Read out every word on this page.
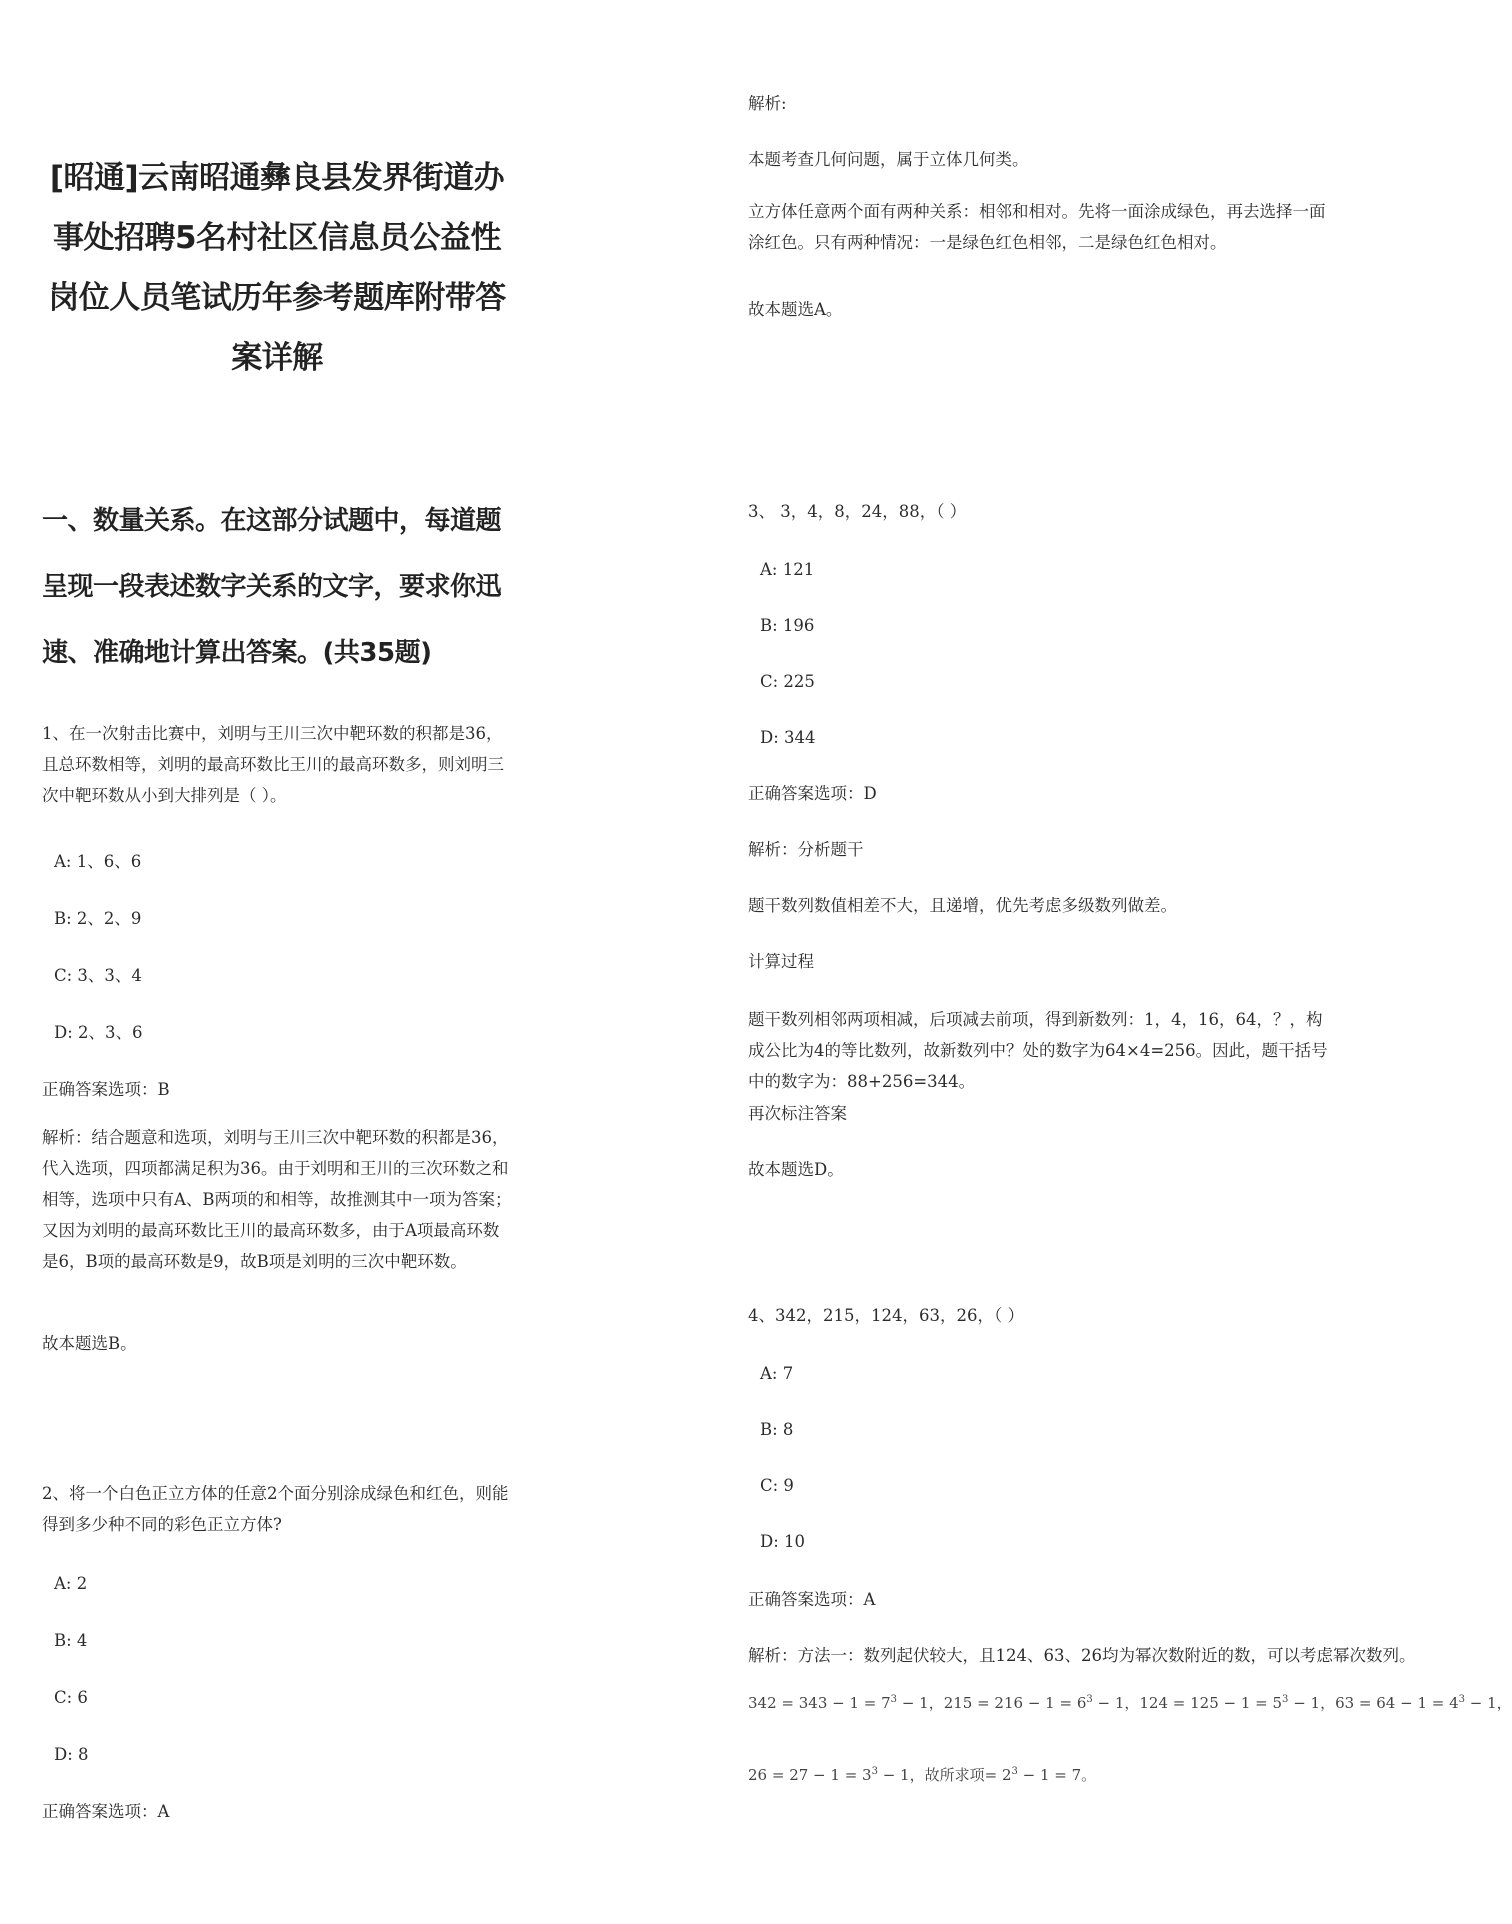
[昭通]云南昭通彝良县发界街道办事处招聘5名村社区信息员公益性岗位人员笔试历年参考题库附带答案详解
一、数量关系。在这部分试题中，每道题呈现一段表述数字关系的文字，要求你迅速、准确地计算出答案。(共35题)
1、在一次射击比赛中，刘明与王川三次中靶环数的积都是36，且总环数相等，刘明的最高环数比王川的最高环数多，则刘明三次中靶环数从小到大排列是（ ）。
A: 1、6、6
B: 2、2、9
C: 3、3、4
D: 2、3、6
正确答案选项：B
解析：结合题意和选项，刘明与王川三次中靶环数的积都是36，代入选项，四项都满足积为36。由于刘明和王川的三次环数之和相等，选项中只有A、B两项的和相等，故推测其中一项为答案；又因为刘明的最高环数比王川的最高环数多，由于A项最高环数是6，B项的最高环数是9，故B项是刘明的三次中靶环数。
故本题选B。
2、将一个白色正立方体的任意2个面分别涂成绿色和红色，则能得到多少种不同的彩色正立方体?
A: 2
B: 4
C: 6
D: 8
正确答案选项：A
解析:
本题考查几何问题，属于立体几何类。
立方体任意两个面有两种关系：相邻和相对。先将一面涂成绿色，再去选择一面涂红色。只有两种情况：一是绿色红色相邻，二是绿色红色相对。
故本题选A。
3、 3，4，8，24，88，（ ）
A: 121
B: 196
C: 225
D: 344
正确答案选项：D
解析：分析题干
题干数列数值相差不大，且递增，优先考虑多级数列做差。
计算过程
题干数列相邻两项相减，后项减去前项，得到新数列：1，4，16，64，？，构成公比为4的等比数列，故新数列中？处的数字为64×4=256。因此，题干括号中的数字为：88+256=344。
再次标注答案
故本题选D。
4、342，215，124，63，26，（ ）
A: 7
B: 8
C: 9
D: 10
正确答案选项：A
解析：方法一：数列起伏较大，且124、63、26均为幂次数附近的数，可以考虑幂次数列。
$342 = 343 - 1 = 7^3 - 1$，$215 = 216 - 1 = 6^3 - 1$，$124 = 125 - 1 = 5^3 - 1$，$63 = 64 - 1 = 4^3 - 1$，
$26 = 27 - 1 = 3^3 - 1$，故所求项= $2^3 - 1 = 7$。
